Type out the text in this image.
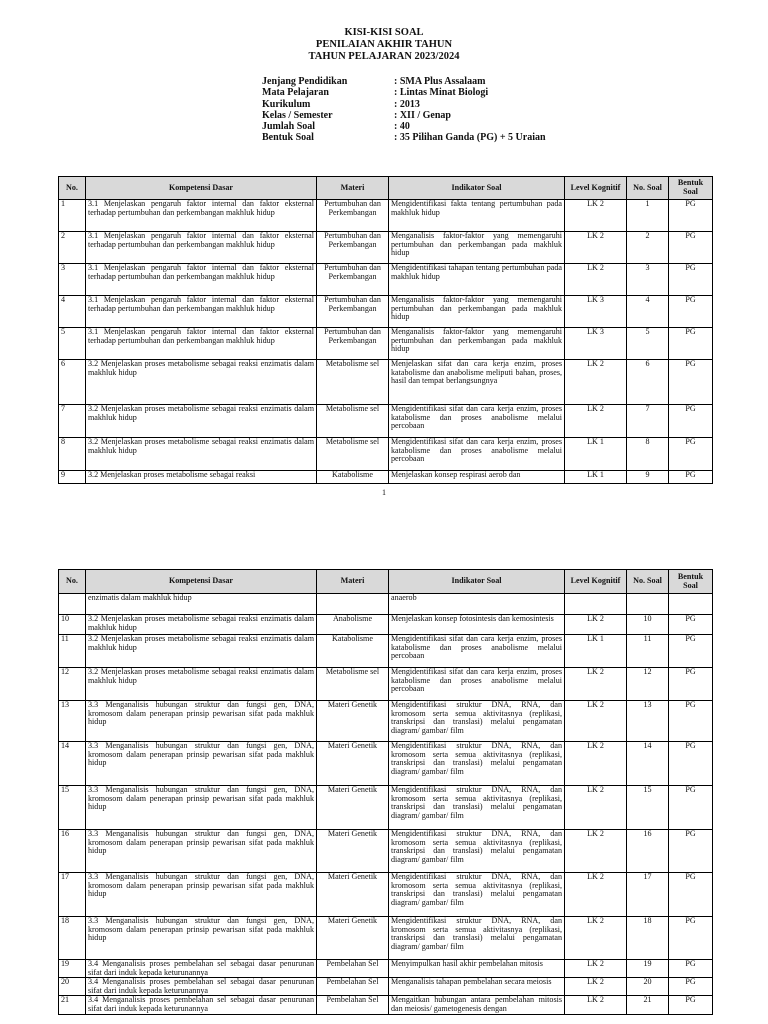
KISI-KISI SOAL
PENILAIAN AKHIR TAHUN
TAHUN PELAJARAN 2023/2024
Jenjang Pendidikan	: SMA Plus Assalaam
Mata Pelajaran	: Lintas Minat Biologi
Kurikulum	: 2013
Kelas / Semester	: XII / Genap
Jumlah Soal	: 40
Bentuk Soal	: 35 Pilihan Ganda (PG) + 5 Uraian
No.	Kompetensi Dasar	Materi	Indikator Soal	Level Kognitif	No. Soal	Bentuk Soal
1	3.1 Menjelaskan pengaruh faktor internal dan faktor eksternal terhadap pertumbuhan dan perkembangan makhluk hidup	Pertumbuhan dan Perkembangan	Mengidentifikasi fakta tentang pertumbuhan pada makhluk hidup	LK 2	1	PG
2	3.1 Menjelaskan pengaruh faktor internal dan faktor eksternal terhadap pertumbuhan dan perkembangan makhluk hidup	Pertumbuhan dan Perkembangan	Menganalisis faktor-faktor yang memengaruhi pertumbuhan dan perkembangan pada makhluk hidup	LK 2	2	PG
3	3.1 Menjelaskan pengaruh faktor internal dan faktor eksternal terhadap pertumbuhan dan perkembangan makhluk hidup	Pertumbuhan dan Perkembangan	Mengidentifikasi tahapan tentang pertumbuhan pada makhluk hidup	LK 2	3	PG
4	3.1 Menjelaskan pengaruh faktor internal dan faktor eksternal terhadap pertumbuhan dan perkembangan makhluk hidup	Pertumbuhan dan Perkembangan	Menganalisis faktor-faktor yang memengaruhi pertumbuhan dan perkembangan pada makhluk hidup	LK 3	4	PG
5	3.1 Menjelaskan pengaruh faktor internal dan faktor eksternal terhadap pertumbuhan dan perkembangan makhluk hidup	Pertumbuhan dan Perkembangan	Menganalisis faktor-faktor yang memengaruhi pertumbuhan dan perkembangan pada makhluk hidup	LK 3	5	PG
6	3.2 Menjelaskan proses metabolisme sebagai reaksi enzimatis dalam makhluk hidup	Metabolisme sel	Menjelaskan sifat dan cara kerja enzim, proses katabolisme dan anabolisme meliputi bahan, proses, hasil dan tempat berlangsungnya	LK 2	6	PG
7	3.2 Menjelaskan proses metabolisme sebagai reaksi enzimatis dalam makhluk hidup	Metabolisme sel	Mengidentifikasi sifat dan cara kerja enzim, proses katabolisme dan proses anabolisme melalui percobaan	LK 2	7	PG
8	3.2 Menjelaskan proses metabolisme sebagai reaksi enzimatis dalam makhluk hidup	Metabolisme sel	Mengidentifikasi sifat dan cara kerja enzim, proses katabolisme dan proses anabolisme melalui percobaan	LK 1	8	PG
9	3.2 Menjelaskan proses metabolisme sebagai reaksi	Katabolisme	Menjelaskan konsep respirasi aerob dan	LK 1	9	PG
1
No.	Kompetensi Dasar	Materi	Indikator Soal	Level Kognitif	No. Soal	Bentuk Soal
	enzimatis dalam makhluk hidup		anaerob			
10	3.2 Menjelaskan proses metabolisme sebagai reaksi enzimatis dalam makhluk hidup	Anabolisme	Menjelaskan konsep fotosintesis dan kemosintesis	LK 2	10	PG
11	3.2 Menjelaskan proses metabolisme sebagai reaksi enzimatis dalam makhluk hidup	Katabolisme	Mengidentifikasi sifat dan cara kerja enzim, proses katabolisme dan proses anabolisme melalui percobaan	LK 1	11	PG
12	3.2 Menjelaskan proses metabolisme sebagai reaksi enzimatis dalam makhluk hidup	Metabolisme sel	Mengidentifikasi sifat dan cara kerja enzim, proses katabolisme dan proses anabolisme melalui percobaan	LK 2	12	PG
13	3.3 Menganalisis hubungan struktur dan fungsi gen, DNA, kromosom dalam penerapan prinsip pewarisan sifat pada makhluk hidup	Materi Genetik	Mengidentifikasi struktur DNA, RNA, dan kromosom serta semua aktivitasnya (replikasi, transkripsi dan translasi) melalui pengamatan diagram/ gambar/ film	LK 2	13	PG
14	3.3 Menganalisis hubungan struktur dan fungsi gen, DNA, kromosom dalam penerapan prinsip pewarisan sifat pada makhluk hidup	Materi Genetik	Mengidentifikasi struktur DNA, RNA, dan kromosom serta semua aktivitasnya (replikasi, transkripsi dan translasi) melalui pengamatan diagram/ gambar/ film	LK 2	14	PG
15	3.3 Menganalisis hubungan struktur dan fungsi gen, DNA, kromosom dalam penerapan prinsip pewarisan sifat pada makhluk hidup	Materi Genetik	Mengidentifikasi struktur DNA, RNA, dan kromosom serta semua aktivitasnya (replikasi, transkripsi dan translasi) melalui pengamatan diagram/ gambar/ film	LK 2	15	PG
16	3.3 Menganalisis hubungan struktur dan fungsi gen, DNA, kromosom dalam penerapan prinsip pewarisan sifat pada makhluk hidup	Materi Genetik	Mengidentifikasi struktur DNA, RNA, dan kromosom serta semua aktivitasnya (replikasi, transkripsi dan translasi) melalui pengamatan diagram/ gambar/ film	LK 2	16	PG
17	3.3 Menganalisis hubungan struktur dan fungsi gen, DNA, kromosom dalam penerapan prinsip pewarisan sifat pada makhluk hidup	Materi Genetik	Mengidentifikasi struktur DNA, RNA, dan kromosom serta semua aktivitasnya (replikasi, transkripsi dan translasi) melalui pengamatan diagram/ gambar/ film	LK 2	17	PG
18	3.3 Menganalisis hubungan struktur dan fungsi gen, DNA, kromosom dalam penerapan prinsip pewarisan sifat pada makhluk hidup	Materi Genetik	Mengidentifikasi struktur DNA, RNA, dan kromosom serta semua aktivitasnya (replikasi, transkripsi dan translasi) melalui pengamatan diagram/ gambar/ film	LK 2	18	PG
19	3.4 Menganalisis proses pembelahan sel sebagai dasar penurunan sifat dari induk kepada keturunannya	Pembelahan Sel	Menyimpulkan hasil akhir pembelahan mitosis	LK 2	19	PG
20	3.4 Menganalisis proses pembelahan sel sebagai dasar penurunan sifat dari induk kepada keturunannya	Pembelahan Sel	Menganalisis tahapan pembelahan secara meiosis	LK 2	20	PG
21	3.4 Menganalisis proses pembelahan sel sebagai dasar penurunan sifat dari induk kepada keturunannya	Pembelahan Sel	Mengaitkan hubungan antara pembelahan mitosis dan meiosis/ gametogenesis dengan	LK 2	21	PG
